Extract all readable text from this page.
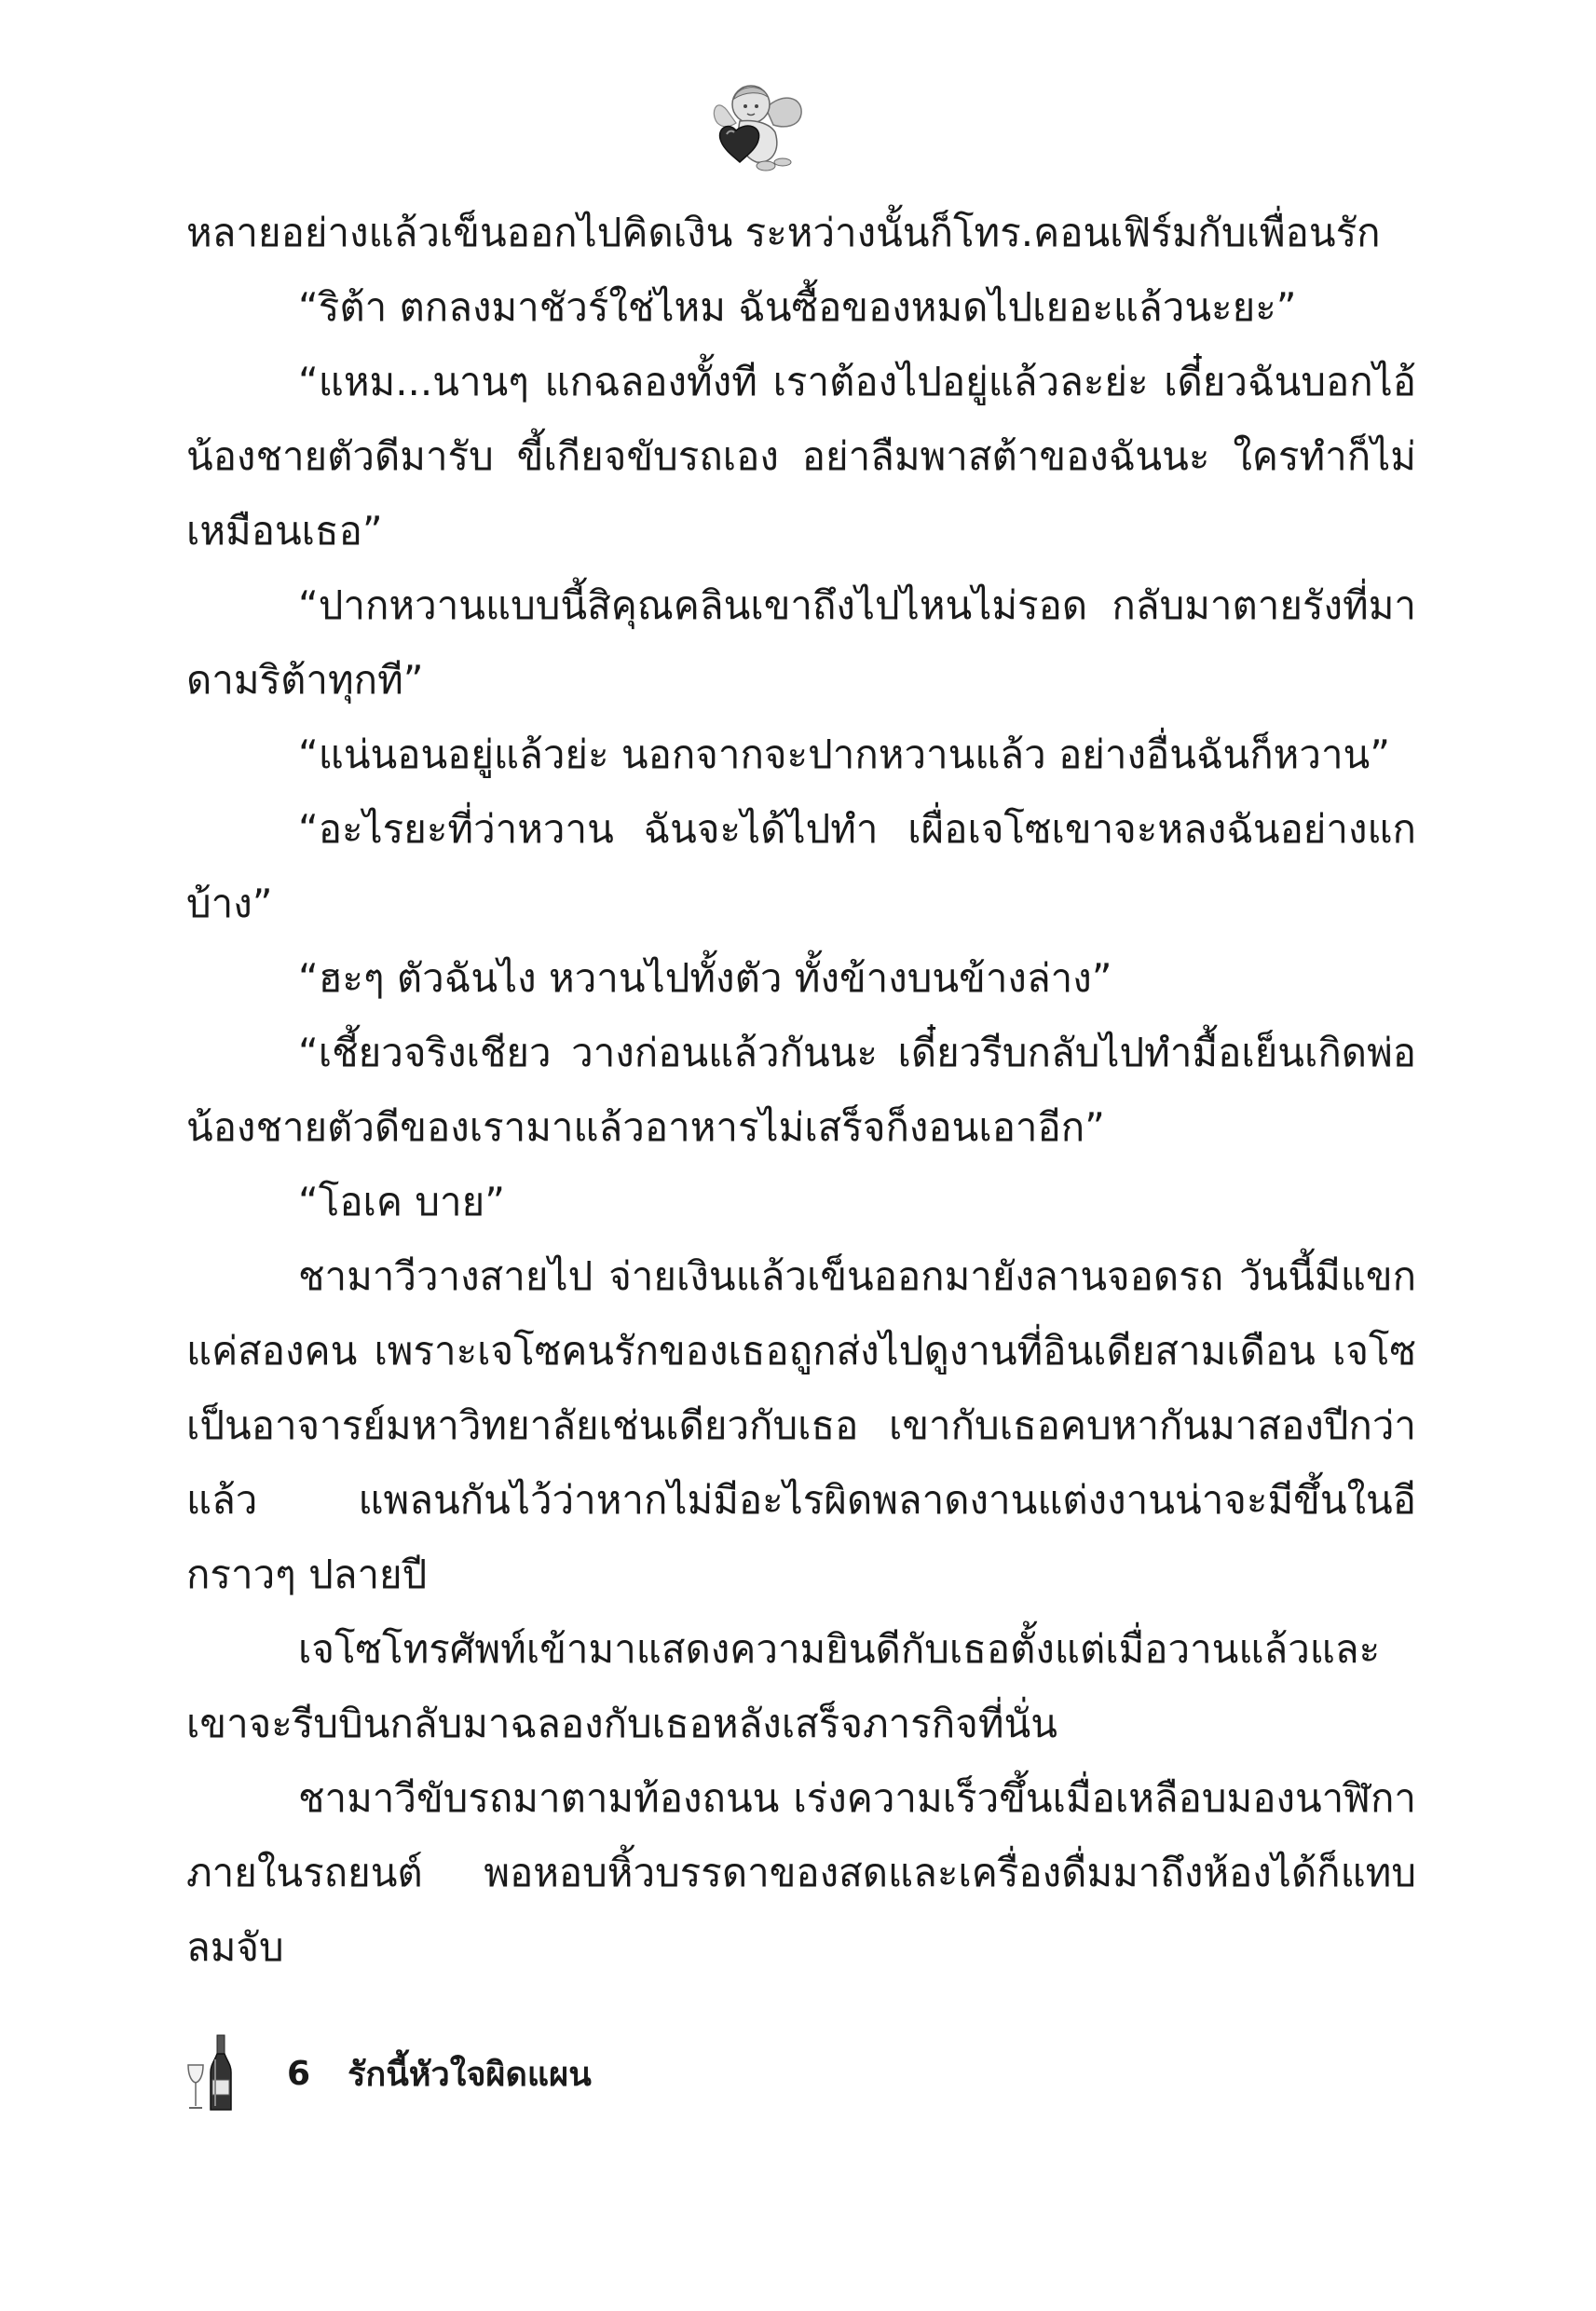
หลายอย่างแล้วเข็นออกไปคิดเงิน ระหว่างนั้นก็โทร.คอนเฟิร์มกับเพื่อนรัก

“ริต้า ตกลงมาชัวร์ใช่ไหม ฉันซื้อของหมดไปเยอะแล้วนะยะ”

“แหม...นานๆ แกฉลองทั้งที เราต้องไปอยู่แล้วละย่ะ เดี๋ยวฉันบอกไอ้น้องชายตัวดีมารับ ขี้เกียจขับรถเอง อย่าลืมพาสต้าของฉันนะ ใครทำก็ไม่เหมือนเธอ”

“ปากหวานแบบนี้สิคุณคลินเขาถึงไปไหนไม่รอด กลับมาตายรังที่มาดามริต้าทุกที”

“แน่นอนอยู่แล้วย่ะ นอกจากจะปากหวานแล้ว อย่างอื่นฉันก็หวาน”

“อะไรยะที่ว่าหวาน ฉันจะได้ไปทำ เผื่อเจโซเขาจะหลงฉันอย่างแกบ้าง”

“ฮะๆ ตัวฉันไง หวานไปทั้งตัว ทั้งข้างบนข้างล่าง”

“เชี้ยวจริงเชียว วางก่อนแล้วกันนะ เดี๋ยวรีบกลับไปทำมื้อเย็นเกิดพ่อน้องชายตัวดีของเรามาแล้วอาหารไม่เสร็จก็งอนเอาอีก”

“โอเค บาย”

ชามาวีวางสายไป จ่ายเงินแล้วเข็นออกมายังลานจอดรถ วันนี้มีแขกแค่สองคน เพราะเจโซคนรักของเธอถูกส่งไปดูงานที่อินเดียสามเดือน เจโซเป็นอาจารย์มหาวิทยาลัยเช่นเดียวกับเธอ เขากับเธอคบหากันมาสองปีกว่าแล้ว แพลนกันไว้ว่าหากไม่มีอะไรผิดพลาดงานแต่งงานน่าจะมีขึ้นในอีกราวๆ ปลายปี

เจโซโทรศัพท์เข้ามาแสดงความยินดีกับเธอตั้งแต่เมื่อวานแล้วและเขาจะรีบบินกลับมาฉลองกับเธอหลังเสร็จภารกิจที่นั่น

ชามาวีขับรถมาตามท้องถนน เร่งความเร็วขึ้นเมื่อเหลือบมองนาฬิกาภายในรถยนต์ พอหอบหิ้วบรรดาของสดและเครื่องดื่มมาถึงห้องได้ก็แทบลมจับ

6 รักนี้หัวใจผิดแผน
